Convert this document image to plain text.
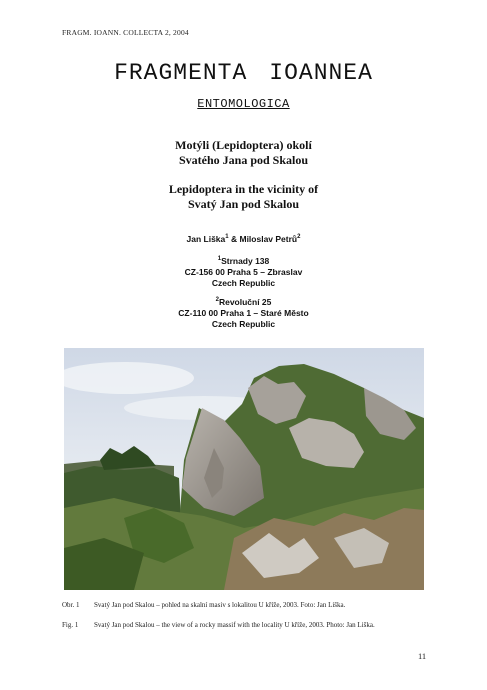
FRAGM. IOANN. COLLECTA 2, 2004
FRAGMENTA IOANNEA
ENTOMOLOGICA
Motýli (Lepidoptera) okolí
Svatého Jana pod Skalou
Lepidoptera in the vicinity of
Svatý Jan pod Skalou
Jan Liška$^1$ & Miloslav Petrů$^2$
$^1$Strnady 138
CZ-156 00 Praha 5 – Zbraslav
Czech Republic
$^2$Revoluční 25
CZ-110 00 Praha 1 – Staré Město
Czech Republic
Obr. 1 Svatý Jan pod Skalou – pohled na skalní masiv s lokalitou U kříže, 2003. Foto: Jan Liška.
Fig. 1 Svatý Jan pod Skalou – the view of a rocky massif with the locality U kříže, 2003. Photo: Jan Liška.
11
